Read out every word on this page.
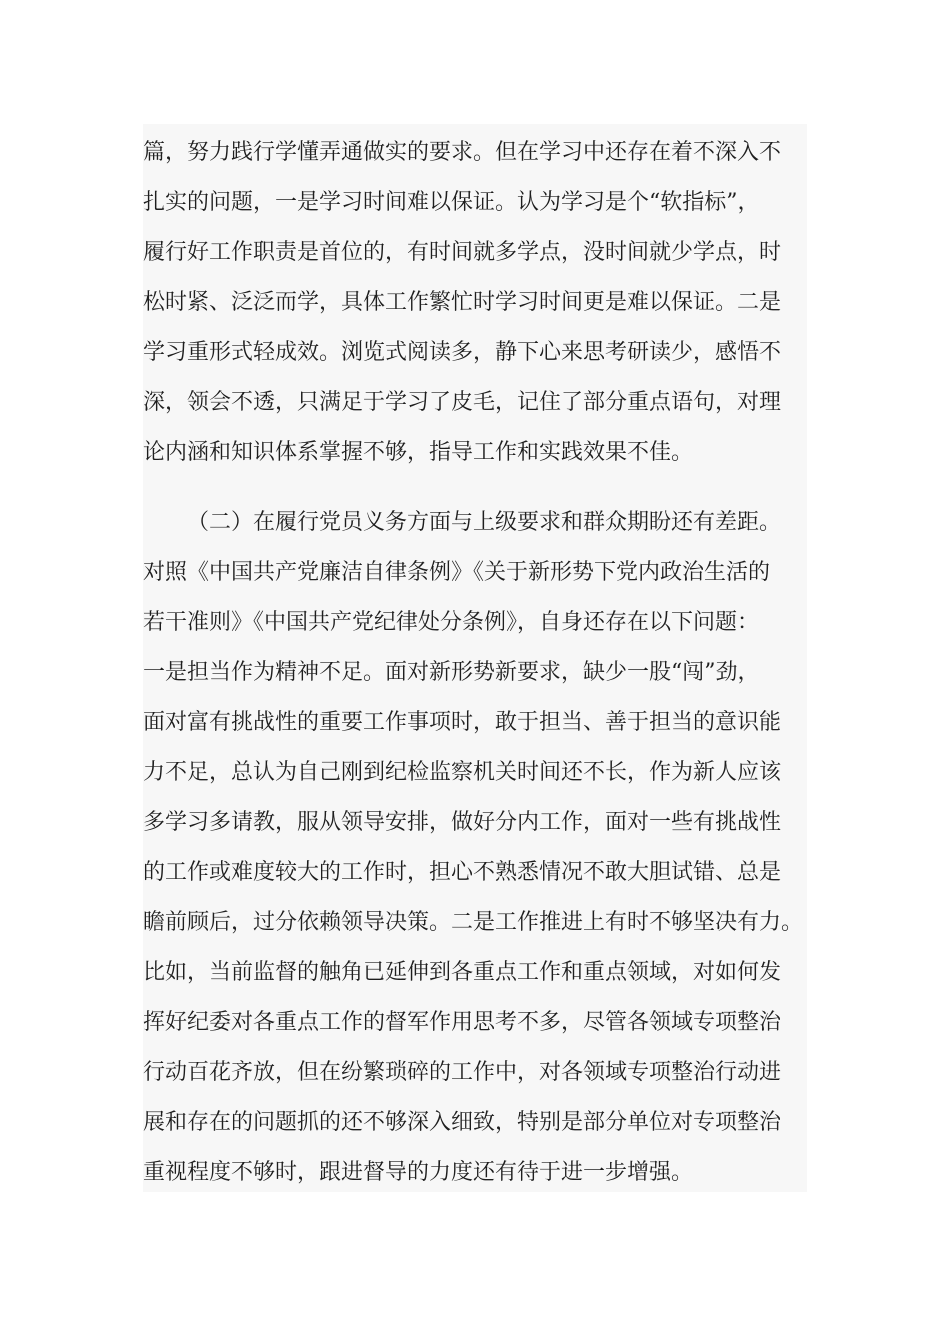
篇，努力践行学懂弄通做实的要求。但在学习中还存在着不深入不
扎实的问题，一是学习时间难以保证。认为学习是个“软指标”，
履行好工作职责是首位的，有时间就多学点，没时间就少学点，时
松时紧、泛泛而学，具体工作繁忙时学习时间更是难以保证。二是
学习重形式轻成效。浏览式阅读多，静下心来思考研读少，感悟不
深，领会不透，只满足于学习了皮毛，记住了部分重点语句，对理
论内涵和知识体系掌握不够，指导工作和实践效果不佳。
（二）在履行党员义务方面与上级要求和群众期盼还有差距。
对照《中国共产党廉洁自律条例》《关于新形势下党内政治生活的
若干准则》《中国共产党纪律处分条例》，自身还存在以下问题：
一是担当作为精神不足。面对新形势新要求，缺少一股“闯”劲，
面对富有挑战性的重要工作事项时，敢于担当、善于担当的意识能
力不足，总认为自己刚到纪检监察机关时间还不长，作为新人应该
多学习多请教，服从领导安排，做好分内工作，面对一些有挑战性
的工作或难度较大的工作时，担心不熟悉情况不敢大胆试错、总是
瞻前顾后，过分依赖领导决策。二是工作推进上有时不够坚决有力。
比如，当前监督的触角已延伸到各重点工作和重点领域，对如何发
挥好纪委对各重点工作的督军作用思考不多，尽管各领域专项整治
行动百花齐放，但在纷繁琐碎的工作中，对各领域专项整治行动进
展和存在的问题抓的还不够深入细致，特别是部分单位对专项整治
重视程度不够时，跟进督导的力度还有待于进一步增强。
